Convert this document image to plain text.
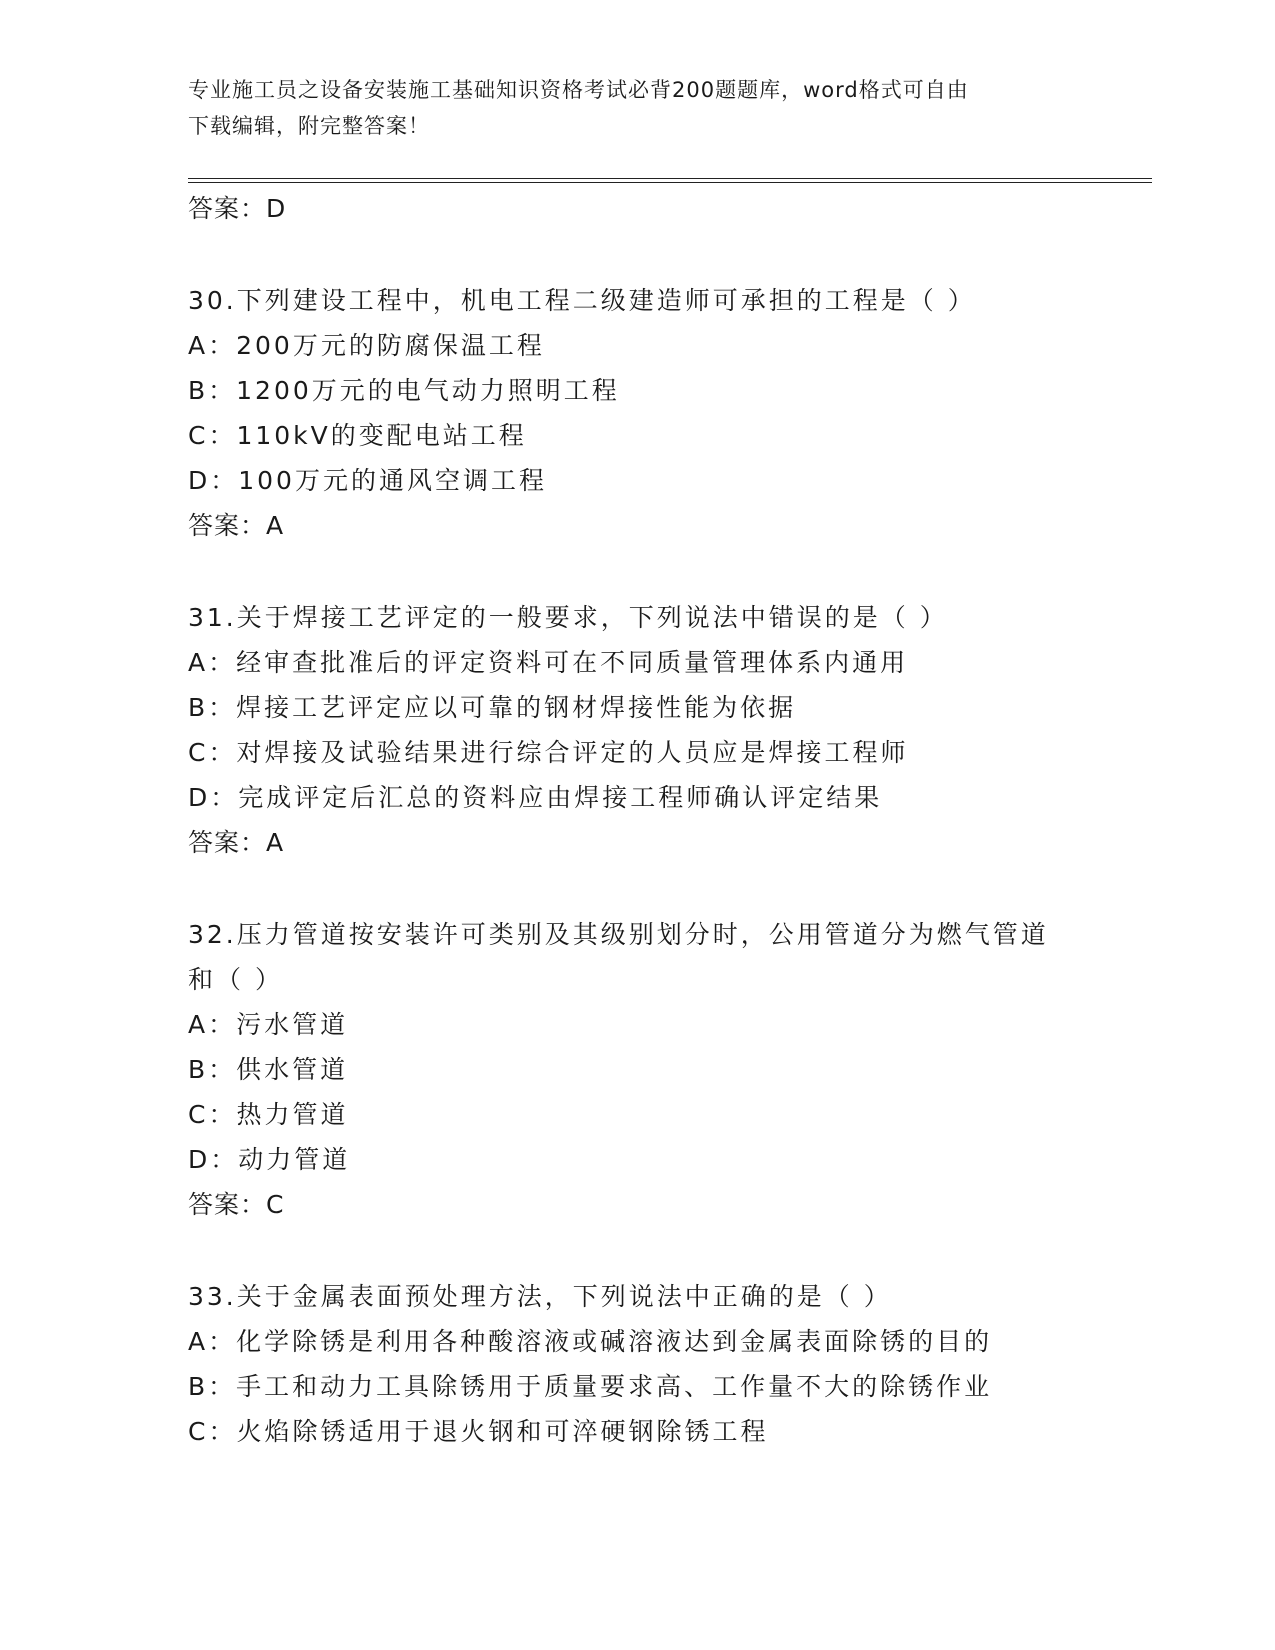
专业施工员之设备安装施工基础知识资格考试必背200题题库，word格式可自由
下载编辑，附完整答案！
答案：D
30.下列建设工程中，机电工程二级建造师可承担的工程是（ ）
A：200万元的防腐保温工程
B：1200万元的电气动力照明工程
C：110kV的变配电站工程
D：100万元的通风空调工程
答案：A
31.关于焊接工艺评定的一般要求，下列说法中错误的是（ ）
A：经审查批准后的评定资料可在不同质量管理体系内通用
B：焊接工艺评定应以可靠的钢材焊接性能为依据
C：对焊接及试验结果进行综合评定的人员应是焊接工程师
D：完成评定后汇总的资料应由焊接工程师确认评定结果
答案：A
32.压力管道按安装许可类别及其级别划分时，公用管道分为燃气管道
和（ ）
A：污水管道
B：供水管道
C：热力管道
D：动力管道
答案：C
33.关于金属表面预处理方法，下列说法中正确的是（ ）
A：化学除锈是利用各种酸溶液或碱溶液达到金属表面除锈的目的
B：手工和动力工具除锈用于质量要求高、工作量不大的除锈作业
C：火焰除锈适用于退火钢和可淬硬钢除锈工程
